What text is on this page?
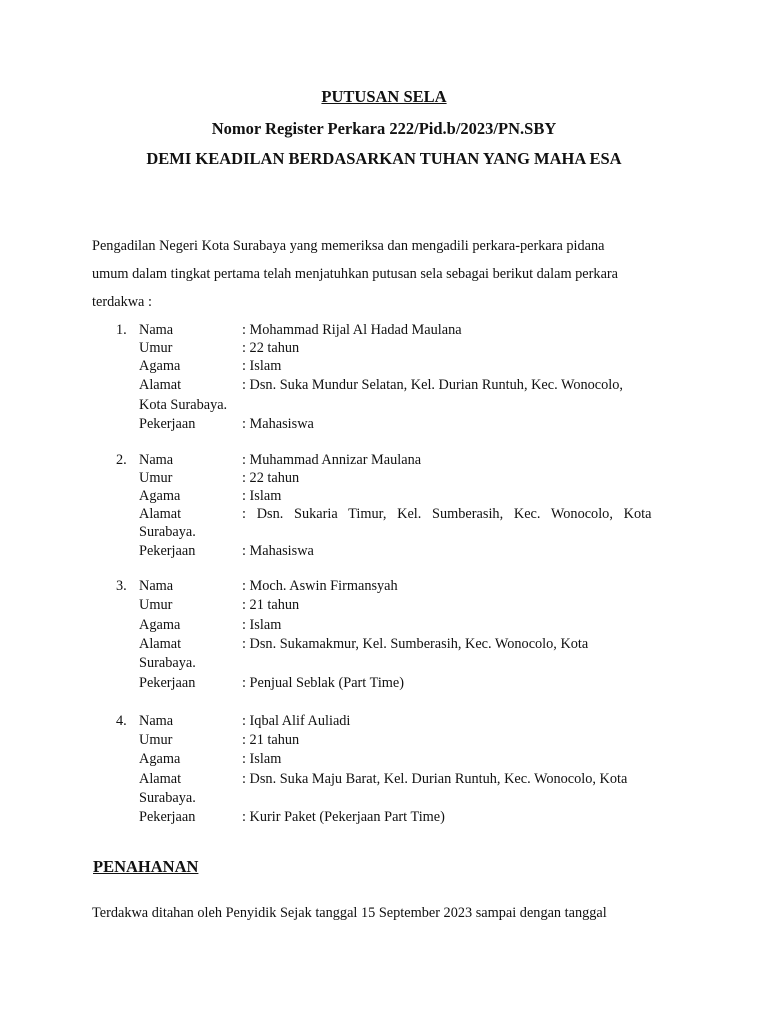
PUTUSAN SELA
Nomor Register Perkara 222/Pid.b/2023/PN.SBY
DEMI KEADILAN BERDASARKAN TUHAN YANG MAHA ESA
Pengadilan Negeri Kota Surabaya yang memeriksa dan mengadili perkara-perkara pidana
umum dalam tingkat pertama telah menjatuhkan putusan sela sebagai berikut dalam perkara
terdakwa :
1. Nama	: Mohammad Rijal Al Hadad Maulana
Umur	: 22 tahun
Agama	: Islam
Alamat	: Dsn. Suka Mundur Selatan, Kel. Durian Runtuh, Kec. Wonocolo,
Kota Surabaya.
Pekerjaan	: Mahasiswa
2. Nama	: Muhammad Annizar Maulana
Umur	: 22 tahun
Agama	: Islam
Alamat	:   Dsn.   Sukaria   Timur,   Kel.   Sumberasih,   Kec.   Wonocolo,   Kota
Surabaya.
Pekerjaan	: Mahasiswa
3. Nama	: Moch. Aswin Firmansyah
Umur	: 21 tahun
Agama	: Islam
Alamat	: Dsn. Sukamakmur, Kel. Sumberasih, Kec. Wonocolo, Kota
Surabaya.
Pekerjaan	: Penjual Seblak (Part Time)
4. Nama	: Iqbal Alif Auliadi
Umur	: 21 tahun
Agama	: Islam
Alamat	: Dsn. Suka Maju Barat, Kel. Durian Runtuh, Kec. Wonocolo, Kota
Surabaya.
Pekerjaan	: Kurir Paket (Pekerjaan Part Time)
PENAHANAN
Terdakwa ditahan oleh Penyidik Sejak tanggal 15 September 2023 sampai dengan tanggal
